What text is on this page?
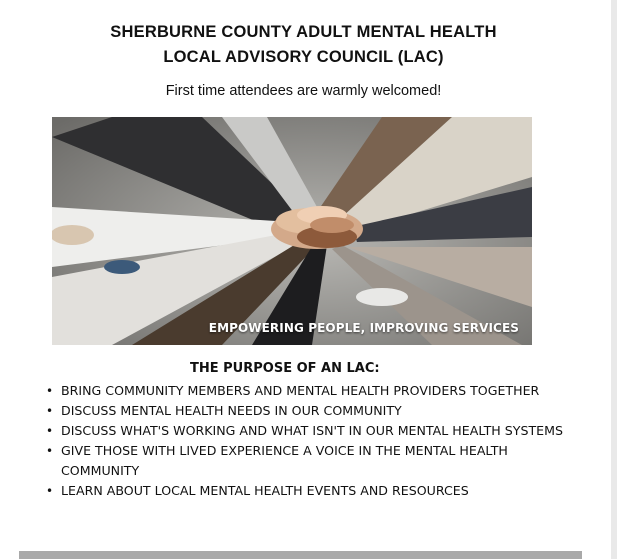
SHERBURNE COUNTY ADULT MENTAL HEALTH
LOCAL ADVISORY COUNCIL (LAC)
First time attendees are warmly welcomed!
EMPOWERING PEOPLE, IMPROVING SERVICES
THE PURPOSE OF AN LAC:
• BRING COMMUNITY MEMBERS AND MENTAL HEALTH PROVIDERS TOGETHER
• DISCUSS MENTAL HEALTH NEEDS IN OUR COMMUNITY
• DISCUSS WHAT'S WORKING AND WHAT ISN'T IN OUR MENTAL HEALTH SYSTEMS
• GIVE THOSE WITH LIVED EXPERIENCE A VOICE IN THE MENTAL HEALTH COMMUNITY
• LEARN ABOUT LOCAL MENTAL HEALTH EVENTS AND RESOURCES
